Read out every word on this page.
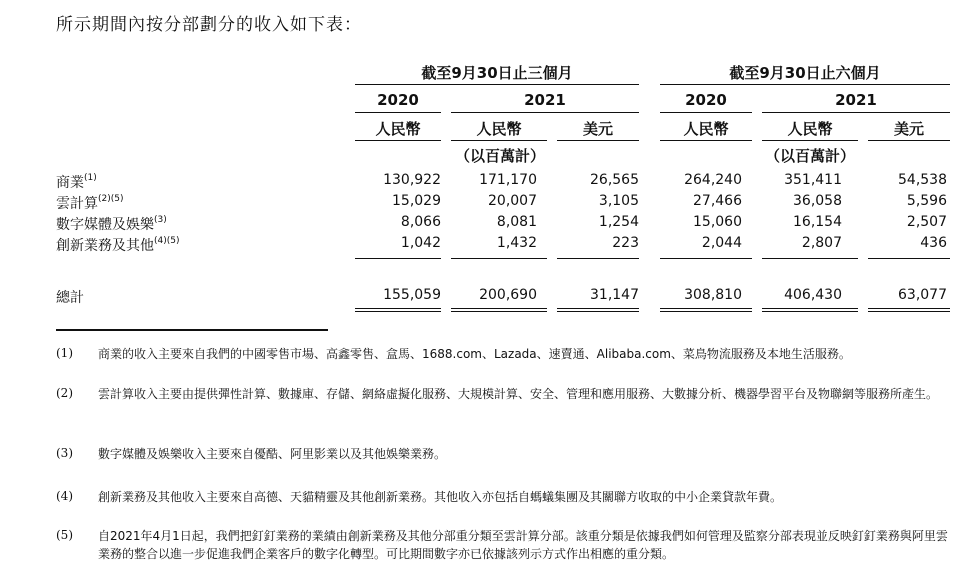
所示期間內按分部劃分的收入如下表：
截至9月30日止三個月	截至9月30日止六個月
2020	2021	2020	2021
人民幣	人民幣	美元	人民幣	人民幣	美元
（以百萬計）	（以百萬計）
商業$^{(1)}$	130,922	171,170	26,565	264,240	351,411	54,538
雲計算$^{(2)(5)}$	15,029	20,007	3,105	27,466	36,058	5,596
數字媒體及娛樂$^{(3)}$	8,066	8,081	1,254	15,060	16,154	2,507
創新業務及其他$^{(4)(5)}$	1,042	1,432	223	2,044	2,807	436
總計	155,059	200,690	31,147	308,810	406,430	63,077
(1) 商業的收入主要來自我們的中國零售市場、高鑫零售、盒馬、1688.com、Lazada、速賣通、Alibaba.com、菜鳥物流服務及本地生活服務。
(2) 雲計算收入主要由提供彈性計算、數據庫、存儲、網絡虛擬化服務、大規模計算、安全、管理和應用服務、大數據分析、機器學習平台及物聯網等服務所產生。
(3) 數字媒體及娛樂收入主要來自優酷、阿里影業以及其他娛樂業務。
(4) 創新業務及其他收入主要來自高德、天貓精靈及其他創新業務。其他收入亦包括自螞蟻集團及其關聯方收取的中小企業貸款年費。
(5) 自2021年4月1日起，我們把釘釘業務的業績由創新業務及其他分部重分類至雲計算分部。該重分類是依據我們如何管理及監察分部表現並反映釘釘業務與阿里雲業務的整合以進一步促進我們企業客戶的數字化轉型。可比期間數字亦已依據該列示方式作出相應的重分類。
